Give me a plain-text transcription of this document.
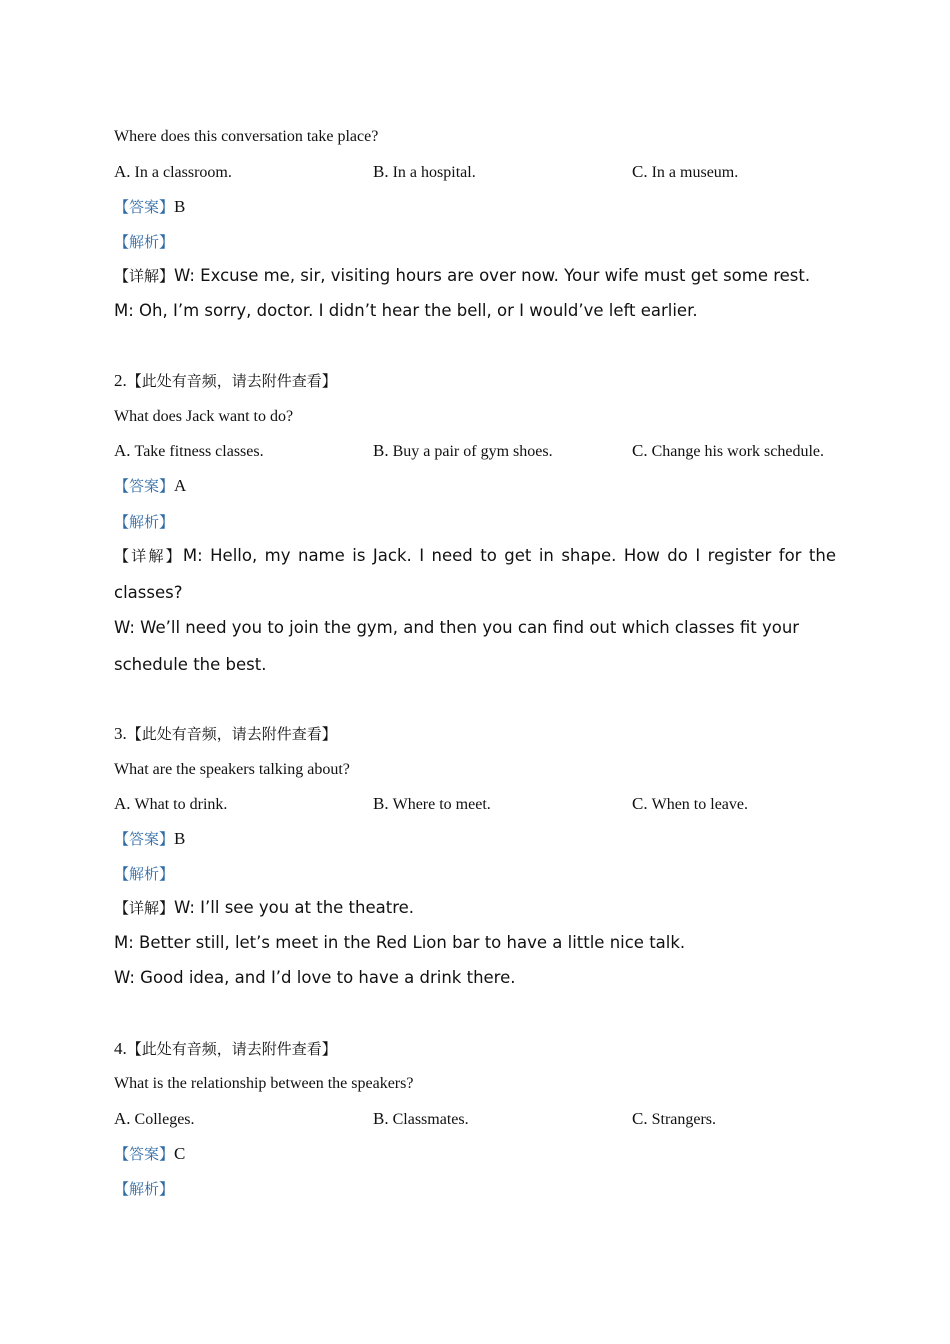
Where does this conversation take place?
A. In a classroom.	B. In a hospital.	C. In a museum.
【答案】B
【解析】
【详解】W: Excuse me, sir, visiting hours are over now. Your wife must get some rest.
M: Oh, I’m sorry, doctor. I didn’t hear the bell, or I would’ve left earlier.
2.【此处有音频，请去附件查看】
What does Jack want to do?
A. Take fitness classes.	B. Buy a pair of gym shoes.	C. Change his work schedule.
【答案】A
【解析】
【详解】M: Hello, my name is Jack. I need to get in shape. How do I register for the
classes?
W: We’ll need you to join the gym, and then you can find out which classes fit your
schedule the best.
3.【此处有音频，请去附件查看】
What are the speakers talking about?
A. What to drink.	B. Where to meet.	C. When to leave.
【答案】B
【解析】
【详解】W: I’ll see you at the theatre.
M: Better still, let’s meet in the Red Lion bar to have a little nice talk.
W: Good idea, and I’d love to have a drink there.
4.【此处有音频，请去附件查看】
What is the relationship between the speakers?
A. Colleges.	B. Classmates.	C. Strangers.
【答案】C
【解析】
